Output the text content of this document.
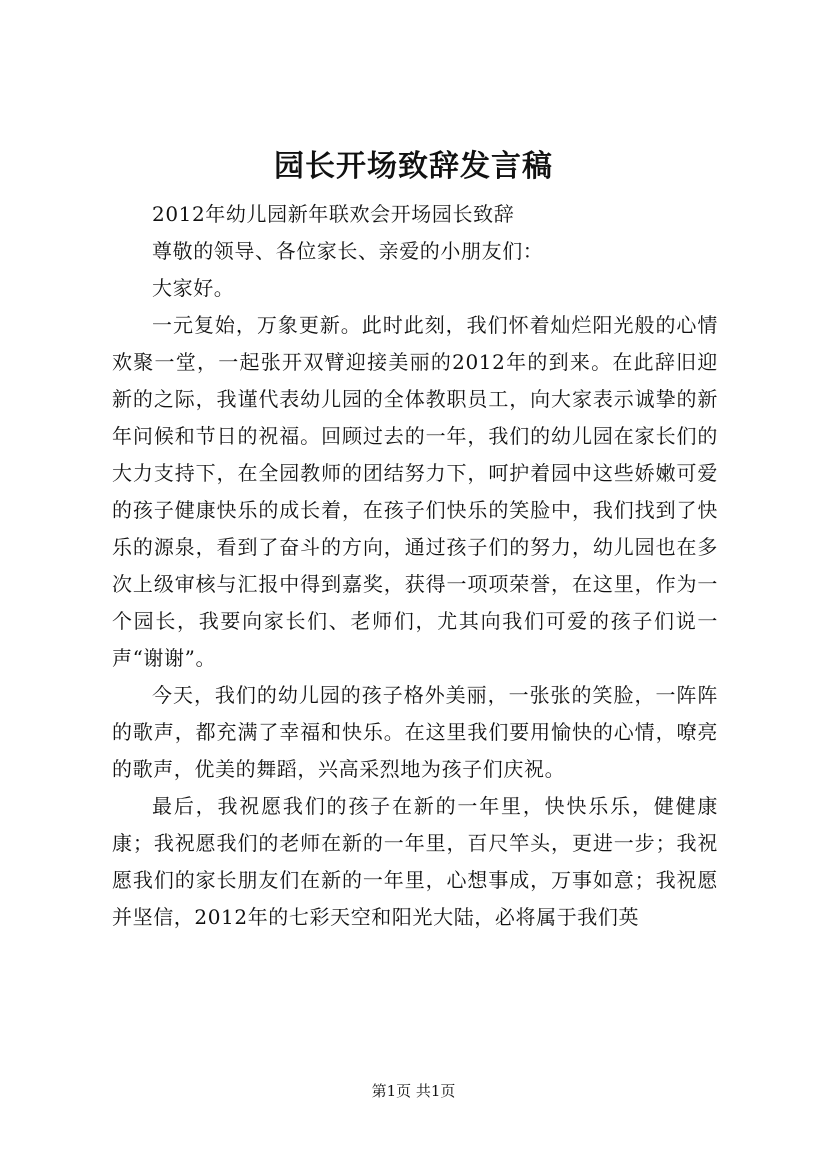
园长开场致辞发言稿

2012年幼儿园新年联欢会开场园长致辞

尊敬的领导、各位家长、亲爱的小朋友们：

大家好。

一元复始，万象更新。此时此刻，我们怀着灿烂阳光般的心情欢聚一堂，一起张开双臂迎接美丽的2012年的到来。在此辞旧迎新的之际，我谨代表幼儿园的全体教职员工，向大家表示诚挚的新年问候和节日的祝福。回顾过去的一年，我们的幼儿园在家长们的大力支持下，在全园教师的团结努力下，呵护着园中这些娇嫩可爱的孩子健康快乐的成长着，在孩子们快乐的笑脸中，我们找到了快乐的源泉，看到了奋斗的方向，通过孩子们的努力，幼儿园也在多次上级审核与汇报中得到嘉奖，获得一项项荣誉，在这里，作为一个园长，我要向家长们、老师们，尤其向我们可爱的孩子们说一声“谢谢”。

今天，我们的幼儿园的孩子格外美丽，一张张的笑脸，一阵阵的歌声，都充满了幸福和快乐。在这里我们要用愉快的心情，嘹亮的歌声，优美的舞蹈，兴高采烈地为孩子们庆祝。

最后，我祝愿我们的孩子在新的一年里，快快乐乐，健健康康；我祝愿我们的老师在新的一年里，百尺竿头，更进一步；我祝愿我们的家长朋友们在新的一年里，心想事成，万事如意；我祝愿并坚信，2012年的七彩天空和阳光大陆，必将属于我们英

第1页 共1页
